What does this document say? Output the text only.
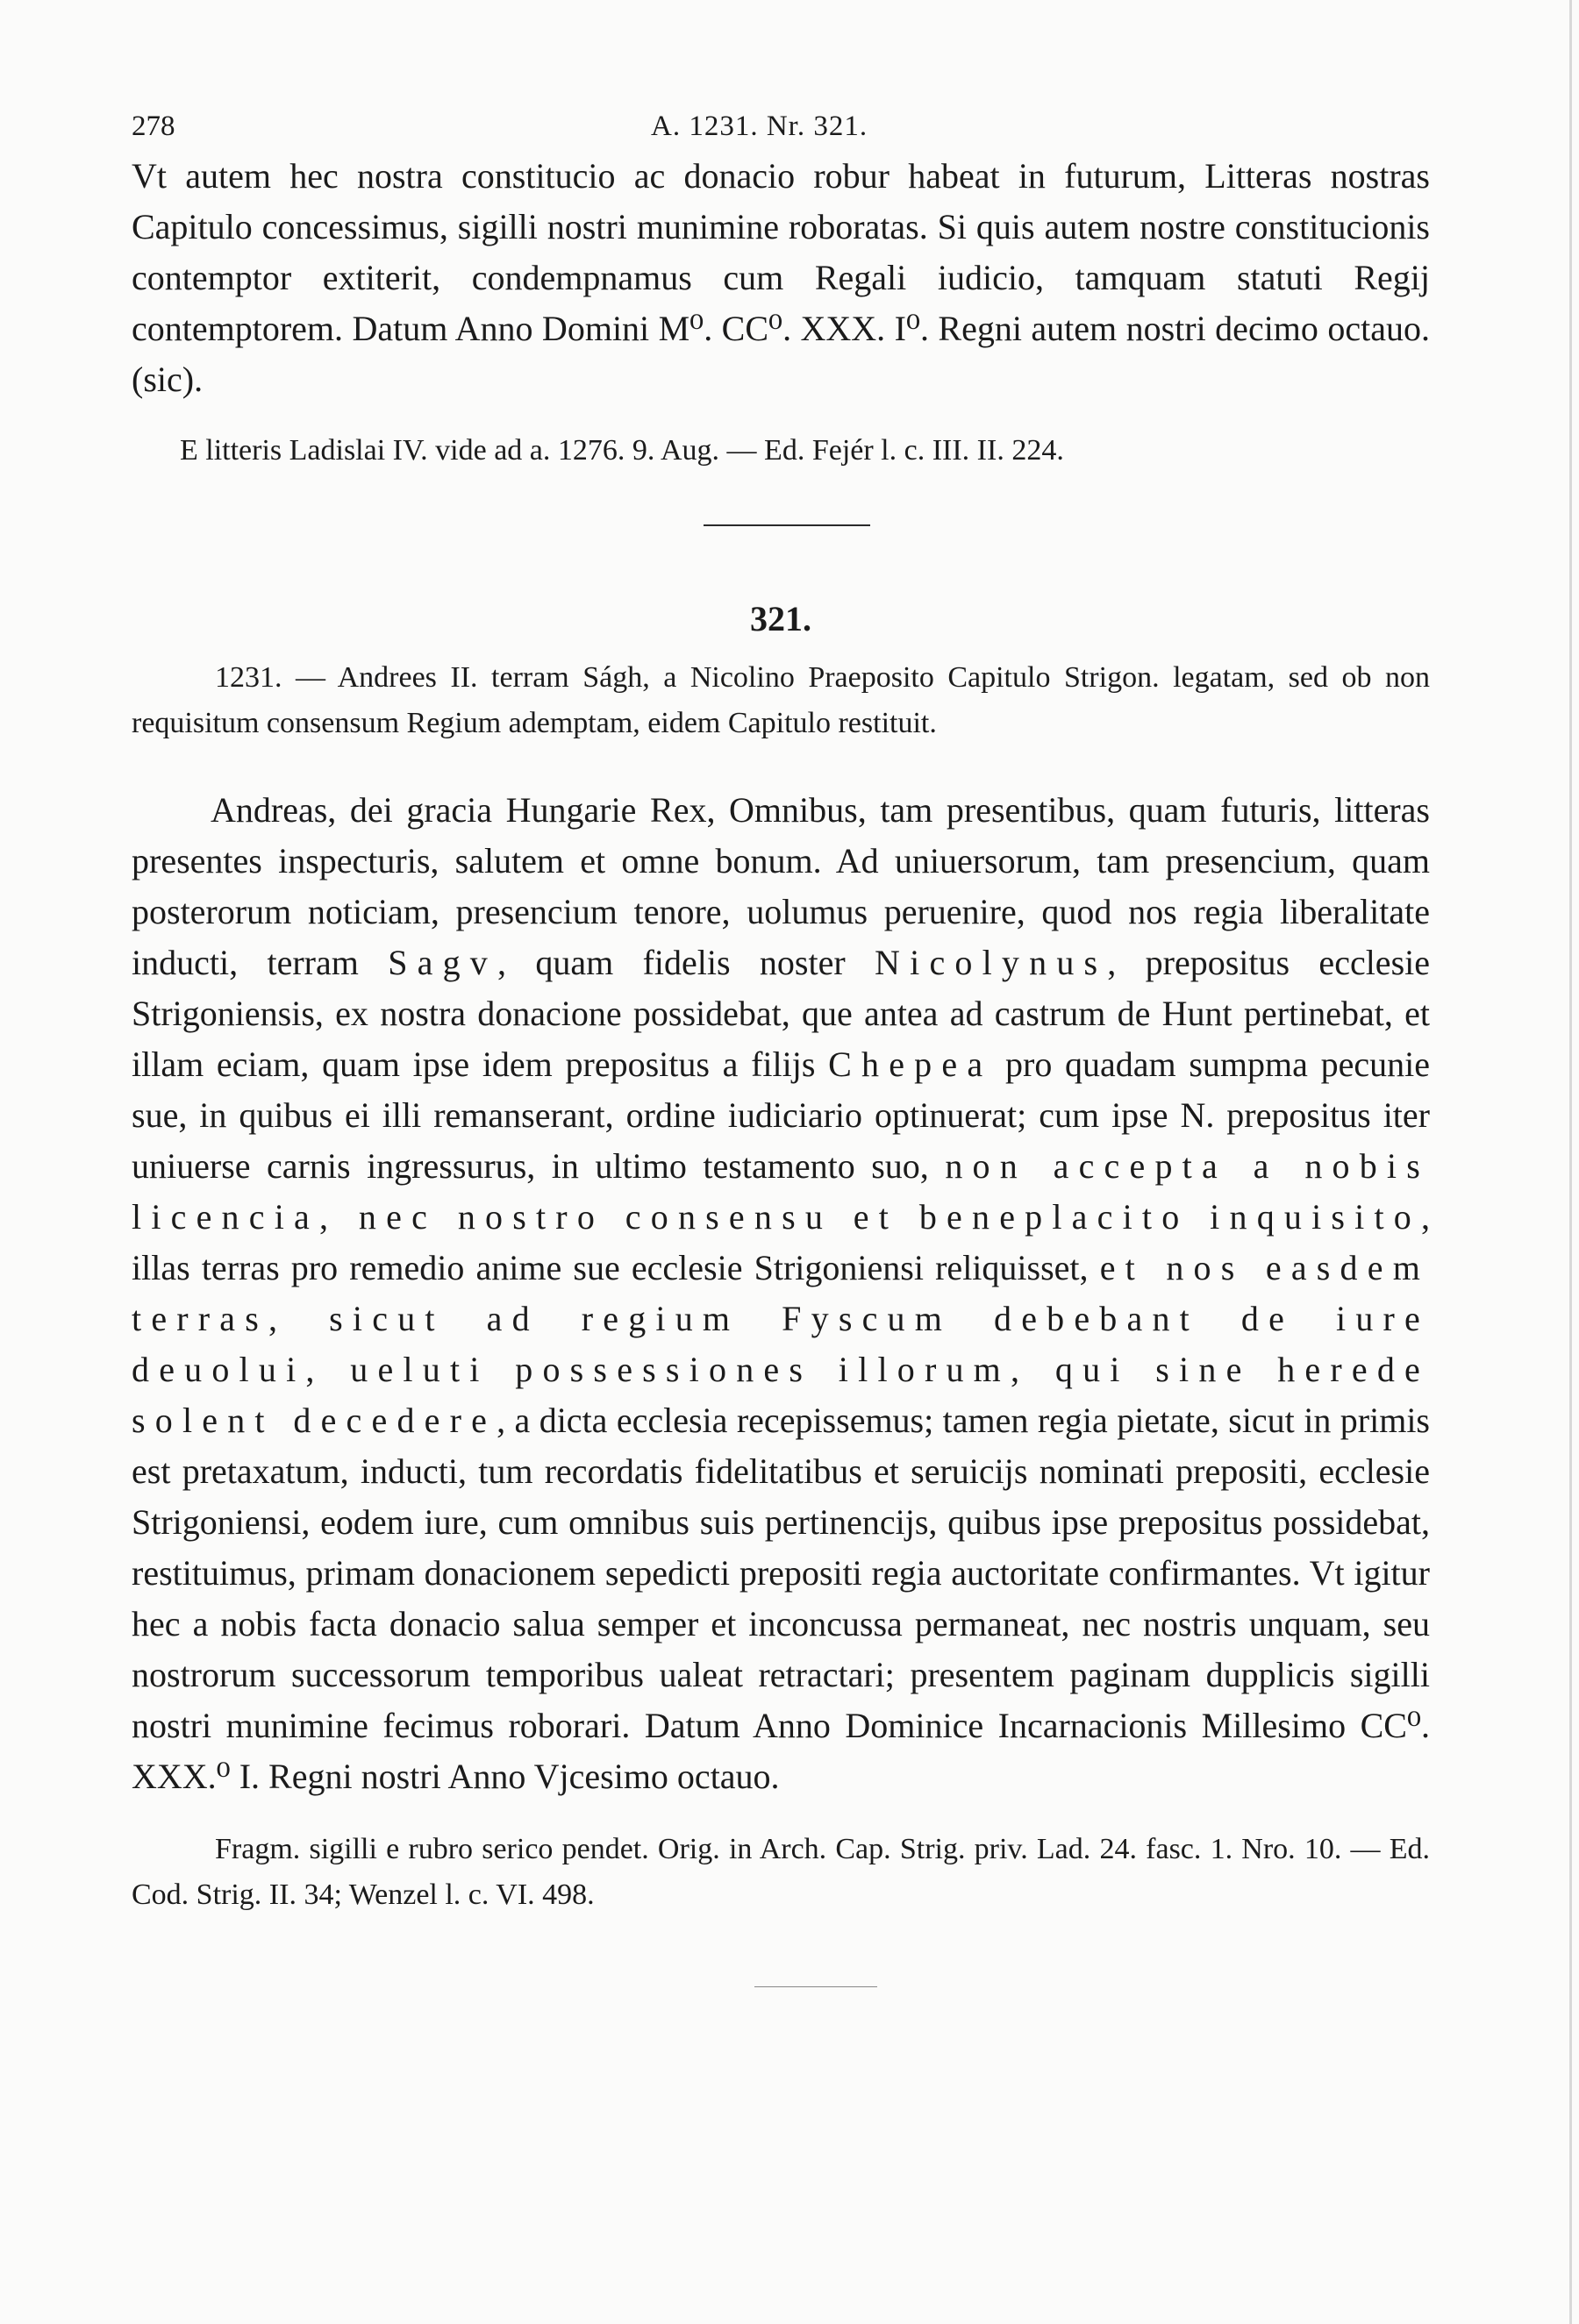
278	A. 1231. Nr. 321.

Vt autem hec nostra constitucio ac donacio robur habeat in futurum, Litteras nostras Capitulo concessimus, sigilli nostri munimine roboratas. Si quis autem nostre constitucionis contemptor extiterit, condempnamus cum Regali iudicio, tamquam statuti Regij contemptorem. Datum Anno Domini M⁰. CC⁰. XXX. I⁰. Regni autem nostri decimo octauo. (sic).

E litteris Ladislai IV. vide ad a. 1276. 9. Aug. — Ed. Fejér l. c. III. II. 224.

321.

1231. — Andrees II. terram Ságh, a Nicolino Praeposito Capitulo Strigon. legatam, sed ob non requisitum consensum Regium ademptam, eidem Capitulo restituit.

Andreas, dei gracia Hungarie Rex, Omnibus, tam presentibus, quam futuris, litteras presentes inspecturis, salutem et omne bonum. Ad uniuersorum, tam presencium, quam posterorum noticiam, presencium tenore, uolumus peruenire, quod nos regia liberalitate inducti, terram Sagv, quam fidelis noster Nicolynus, prepositus ecclesie Strigoniensis, ex nostra donacione possidebat, que antea ad castrum de Hunt pertinebat, et illam eciam, quam ipse idem prepositus a filijs Chepea pro quadam sumpma pecunie sue, in quibus ei illi remanserant, ordine iudiciario optinuerat; cum ipse N. prepositus iter uniuerse carnis ingressurus, in ultimo testamento suo, non accepta a nobis licencia, nec nostro consensu et beneplacito inquisito, illas terras pro remedio anime sue ecclesie Strigoniensi reliquisset, et nos easdem terras, sicut ad regium Fyscum debebant de iure deuolui, ueluti possessiones illorum, qui sine herede solent decedere, a dicta ecclesia recepissemus; tamen regia pietate, sicut in primis est pretaxatum, inducti, tum recordatis fidelitatibus et seruicijs nominati prepositi, ecclesie Strigoniensi, eodem iure, cum omnibus suis pertinencijs, quibus ipse prepositus possidebat, restituimus, primam donacionem sepedicti prepositi regia auctoritate confirmantes. Vt igitur hec a nobis facta donacio salua semper et inconcussa permaneat, nec nostris unquam, seu nostrorum successorum temporibus ualeat retractari; presentem paginam dupplicis sigilli nostri munimine fecimus roborari. Datum Anno Dominice Incarnacionis Millesimo CC⁰. XXX.⁰ I. Regni nostri Anno Vjcesimo octauo.

Fragm. sigilli e rubro serico pendet. Orig. in Arch. Cap. Strig. priv. Lad. 24. fasc. 1. Nro. 10. — Ed. Cod. Strig. II. 34; Wenzel l. c. VI. 498.
